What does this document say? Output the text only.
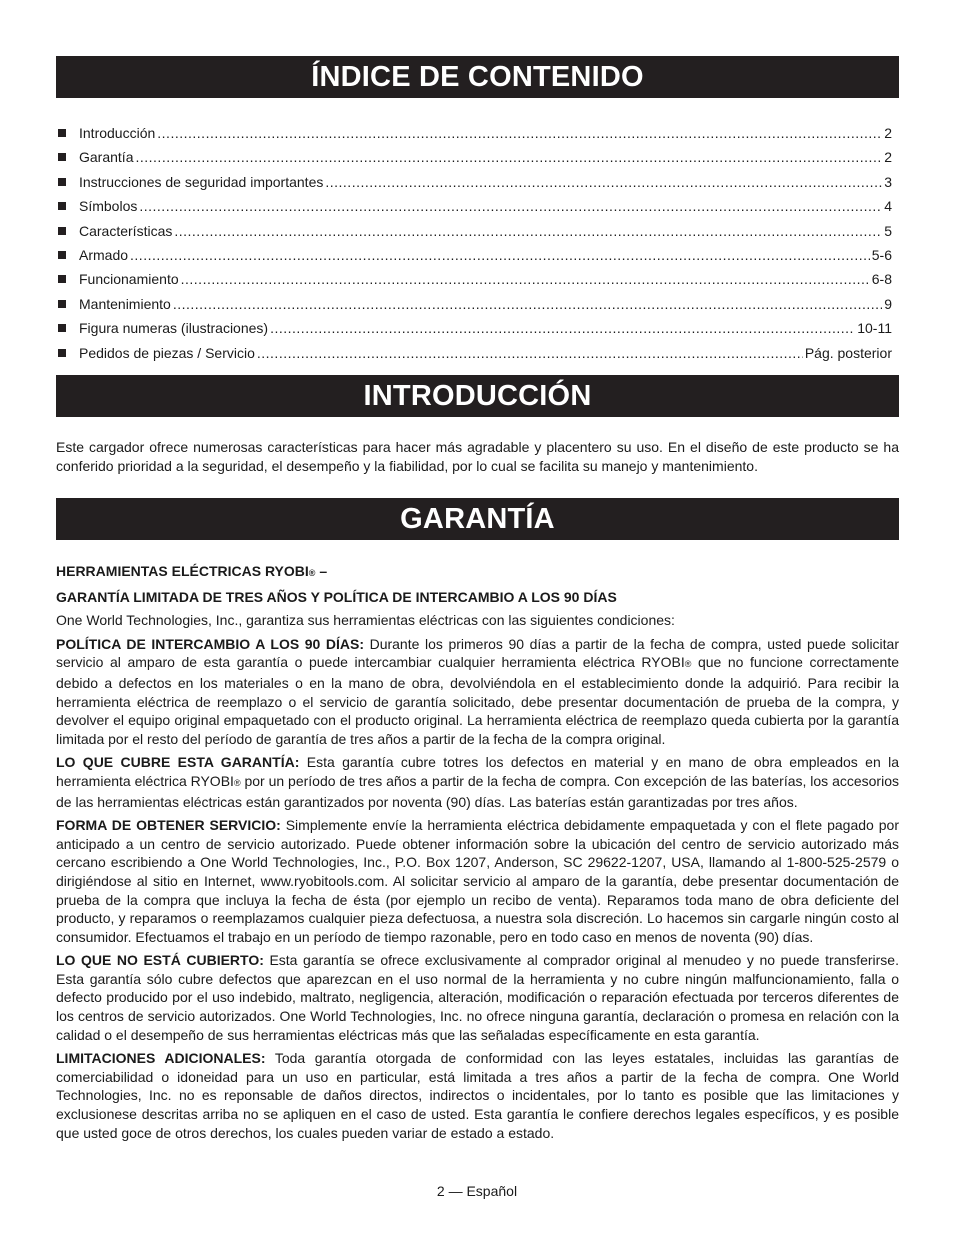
ÍNDICE DE CONTENIDO
Introducción .....	2
Garantía .....	2
Instrucciones de seguridad importantes .....	3
Símbolos .....	4
Características .....	5
Armado .....	5-6
Funcionamiento .....	6-8
Mantenimiento .....	9
Figura numeras (ilustraciones) .....	10-11
Pedidos de piezas / Servicio .....	Pág. posterior
INTRODUCCIÓN

Este cargador ofrece numerosas características para hacer más agradable y placentero su uso. En el diseño de este producto se ha conferido prioridad a la seguridad, el desempeño y la fiabilidad, por lo cual se facilita su manejo y mantenimiento.

GARANTÍA

HERRAMIENTAS ELÉCTRICAS RYOBI® –

GARANTÍA LIMITADA DE TRES AÑOS Y POLÍTICA DE INTERCAMBIO A LOS 90 DÍAS

One World Technologies, Inc., garantiza sus herramientas eléctricas con las siguientes condiciones:

POLÍTICA DE INTERCAMBIO A LOS 90 DÍAS: Durante los primeros 90 días a partir de la fecha de compra, usted puede solicitar servicio al amparo de esta garantía o puede intercambiar cualquier herramienta eléctrica RYOBI® que no funcione correctamente debido a defectos en los materiales o en la mano de obra, devolviéndola en el establecimiento donde la adquirió. Para recibir la herramienta eléctrica de reemplazo o el servicio de garantía solicitado, debe presentar documentación de prueba de la compra, y devolver el equipo original empaquetado con el producto original. La herramienta eléctrica de reemplazo queda cubierta por la garantía limitada por el resto del período de garantía de tres años a partir de la fecha de la compra original.

LO QUE CUBRE ESTA GARANTÍA: Esta garantía cubre totres los defectos en material y en mano de obra empleados en la herramienta eléctrica RYOBI® por un período de tres años a partir de la fecha de compra. Con excepción de las baterías, los accesorios de las herramientas eléctricas están garantizados por noventa (90) días. Las baterías están garantizadas por tres años.

FORMA DE OBTENER SERVICIO: Simplemente envíe la herramienta eléctrica debidamente empaquetada y con el flete pagado por anticipado a un centro de servicio autorizado. Puede obtener información sobre la ubicación del centro de servicio autorizado más cercano escribiendo a One World Technologies, Inc., P.O. Box 1207, Anderson, SC 29622-1207, USA, llamando al 1-800-525-2579 o dirigiéndose al sitio en Internet, www.ryobitools.com. Al solicitar servicio al amparo de la garantía, debe presentar documentación de prueba de la compra que incluya la fecha de ésta (por ejemplo un recibo de venta). Reparamos toda mano de obra deficiente del producto, y reparamos o reemplazamos cualquier pieza defectuosa, a nuestra sola discreción. Lo hacemos sin cargarle ningún costo al consumidor. Efectuamos el trabajo en un período de tiempo razonable, pero en todo caso en menos de noventa (90) días.

LO QUE NO ESTÁ CUBIERTO: Esta garantía se ofrece exclusivamente al comprador original al menudeo y no puede transferirse. Esta garantía sólo cubre defectos que aparezcan en el uso normal de la herramienta y no cubre ningún malfuncionamiento, falla o defecto producido por el uso indebido, maltrato, negligencia, alteración, modificación o reparación efectuada por terceros diferentes de los centros de servicio autorizados. One World Technologies, Inc. no ofrece ninguna garantía, declaración o promesa en relación con la calidad o el desempeño de sus herramientas eléctricas más que las señaladas específicamente en esta garantía.

LIMITACIONES ADICIONALES: Toda garantía otorgada de conformidad con las leyes estatales, incluidas las garantías de comerciabilidad o idoneidad para un uso en particular, está limitada a tres años a partir de la fecha de compra. One World Technologies, Inc. no es reponsable de daños directos, indirectos o incidentales, por lo tanto es posible que las limitaciones y exclusionese descritas arriba no se apliquen en el caso de usted. Esta garantía le confiere derechos legales específicos, y es posible que usted goce de otros derechos, los cuales pueden variar de estado a estado.

2 — Español
